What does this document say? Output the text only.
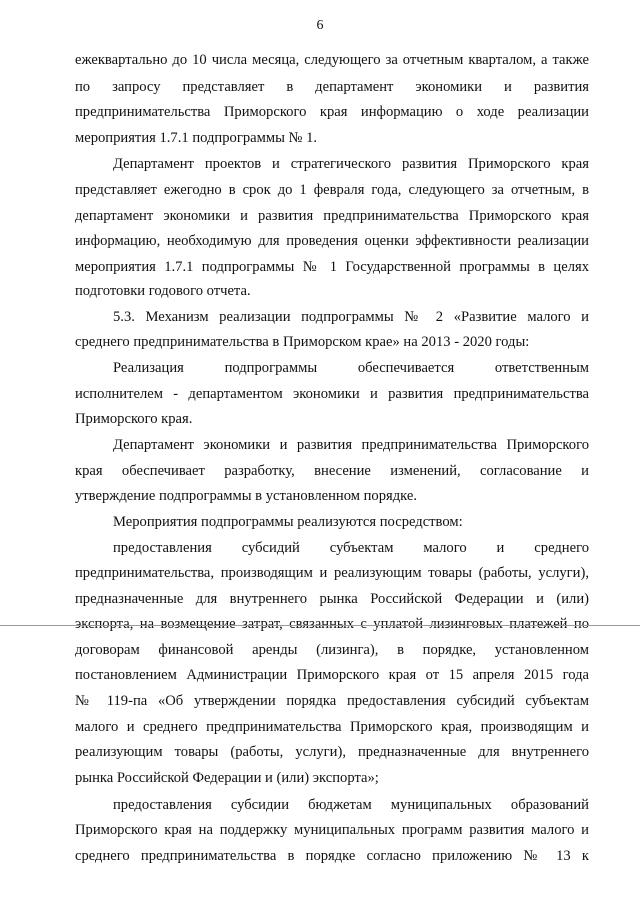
6
ежеквартально до 10 числа месяца, следующего за отчетным кварталом, а также
по запросу представляет в департамент экономики и развития
предпринимательства Приморского края информацию о ходе реализации
мероприятия 1.7.1 подпрограммы № 1.
Департамент проектов и стратегического развития Приморского края
представляет ежегодно в срок до 1 февраля года, следующего за отчетным, в
департамент экономики и развития предпринимательства Приморского края
информацию, необходимую для проведения оценки эффективности реализации
мероприятия 1.7.1 подпрограммы № 1 Государственной программы в целях
подготовки годового отчета.
5.3. Механизм реализации подпрограммы № 2 «Развитие малого и
среднего предпринимательства в Приморском крае» на 2013 - 2020 годы:
Реализация подпрограммы обеспечивается ответственным
исполнителем - департаментом экономики и развития предпринимательства
Приморского края.
Департамент экономики и развития предпринимательства Приморского
края обеспечивает разработку, внесение изменений, согласование и
утверждение подпрограммы в установленном порядке.
Мероприятия подпрограммы реализуются посредством:
предоставления субсидий субъектам малого и среднего
предпринимательства, производящим и реализующим товары (работы, услуги),
предназначенные для внутреннего рынка Российской Федерации и (или)
экспорта, на возмещение затрат, связанных с уплатой лизинговых платежей по
договорам финансовой аренды (лизинга), в порядке, установленном
постановлением Администрации Приморского края от 15 апреля 2015 года
№ 119-па «Об утверждении порядка предоставления субсидий субъектам
малого и среднего предпринимательства Приморского края, производящим и
реализующим товары (работы, услуги), предназначенные для внутреннего
рынка Российской Федерации и (или) экспорта»;
предоставления субсидии бюджетам муниципальных образований
Приморского края на поддержку муниципальных программ развития малого и
среднего предпринимательства в порядке согласно приложению № 13 к
